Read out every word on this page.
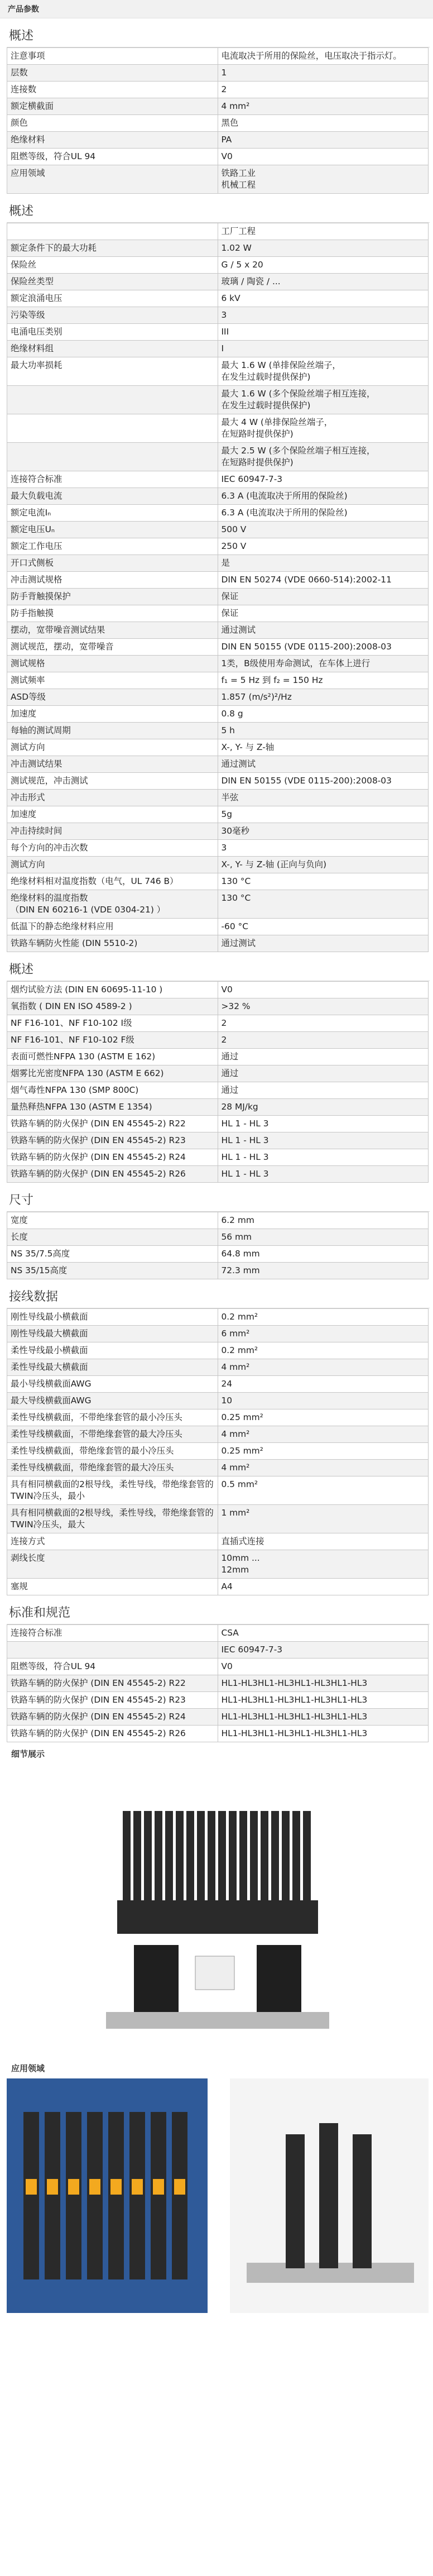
产品参数
概述
注意事项	电流取决于所用的保险丝，电压取决于指示灯。
层数	1
连接数	2
额定横截面	4 mm²
颜色	黑色
绝缘材料	PA
阻燃等级，符合UL 94	V0
应用领域	铁路工业
机械工程
概述
	工厂工程
额定条件下的最大功耗	1.02 W
保险丝	G / 5 x 20
保险丝类型	玻璃 / 陶瓷 / ...
额定浪涌电压	6 kV
污染等级	3
电涌电压类别	III
绝缘材料组	I
最大功率损耗	最大 1.6 W (单排保险丝端子，
在发生过载时提供保护)
	最大 1.6 W (多个保险丝端子相互连接，
在发生过载时提供保护)
	最大 4 W (单排保险丝端子，
在短路时提供保护)
	最大 2.5 W (多个保险丝端子相互连接，
在短路时提供保护)
连接符合标准	IEC 60947-7-3
最大负载电流	6.3 A (电流取决于所用的保险丝)
额定电流Iₙ	6.3 A (电流取决于所用的保险丝)
额定电压Uₙ	500 V
额定工作电压	250 V
开口式侧板	是
冲击测试规格	DIN EN 50274 (VDE 0660-514):2002-11
防手背触摸保护	保证
防手指触摸	保证
摆动，宽带噪音测试结果	通过测试
测试规范，摆动，宽带噪音	DIN EN 50155 (VDE 0115-200):2008-03
测试规格	1类，B级使用寿命测试，在车体上进行
测试频率	f₁ = 5 Hz 到 f₂ = 150 Hz
ASD等级	1.857 (m/s²)²/Hz
加速度	0.8 g
每轴的测试周期	5 h
测试方向	X-, Y- 与 Z-轴
冲击测试结果	通过测试
测试规范，冲击测试	DIN EN 50155 (VDE 0115-200):2008-03
冲击形式	半弦
加速度	5g
冲击持续时间	30毫秒
每个方向的冲击次数	3
测试方向	X-, Y- 与 Z-轴 (正向与负向)
绝缘材料相对温度指数（电气，UL 746 B）	130 °C
绝缘材料的温度指数
（DIN EN 60216-1 (VDE 0304-21) ）	130 °C
低温下的静态绝缘材料应用	-60 °C
铁路车辆防火性能 (DIN 5510-2)	通过测试
概述
烟灼试验方法 (DIN EN 60695-11-10 )	V0
氧指数 ( DIN EN ISO 4589-2 )	>32 %
NF F16-101、NF F10-102 I级	2
NF F16-101、NF F10-102 F级	2
表面可燃性NFPA 130 (ASTM E 162)	通过
烟雾比光密度NFPA 130 (ASTM E 662)	通过
烟气毒性NFPA 130 (SMP 800C)	通过
量热释热NFPA 130 (ASTM E 1354)	28 MJ/kg
铁路车辆的防火保护 (DIN EN 45545-2) R22	HL 1 - HL 3
铁路车辆的防火保护 (DIN EN 45545-2) R23	HL 1 - HL 3
铁路车辆的防火保护 (DIN EN 45545-2) R24	HL 1 - HL 3
铁路车辆的防火保护 (DIN EN 45545-2) R26	HL 1 - HL 3
尺寸
宽度	6.2 mm
长度	56 mm
NS 35/7.5高度	64.8 mm
NS 35/15高度	72.3 mm
接线数据
刚性导线最小横截面	0.2 mm²
刚性导线最大横截面	6 mm²
柔性导线最小横截面	0.2 mm²
柔性导线最大横截面	4 mm²
最小导线横截面AWG	24
最大导线横截面AWG	10
柔性导线横截面，不带绝缘套管的最小冷压头	0.25 mm²
柔性导线横截面，不带绝缘套管的最大冷压头	4 mm²
柔性导线横截面，带绝缘套管的最小冷压头	0.25 mm²
柔性导线横截面，带绝缘套管的最大冷压头	4 mm²
具有相同横截面的2根导线，柔性导线，带绝缘套管的TWIN冷压头，最小	0.5 mm²
具有相同横截面的2根导线，柔性导线，带绝缘套管的TWIN冷压头，最大	1 mm²
连接方式	直插式连接
剥线长度	10mm ...
12mm
塞规	A4
标准和规范
连接符合标准	CSA
	IEC 60947-7-3
阻燃等级，符合UL 94	V0
铁路车辆的防火保护 (DIN EN 45545-2) R22	HL1-HL3HL1-HL3HL1-HL3HL1-HL3
铁路车辆的防火保护 (DIN EN 45545-2) R23	HL1-HL3HL1-HL3HL1-HL3HL1-HL3
铁路车辆的防火保护 (DIN EN 45545-2) R24	HL1-HL3HL1-HL3HL1-HL3HL1-HL3
铁路车辆的防火保护 (DIN EN 45545-2) R26	HL1-HL3HL1-HL3HL1-HL3HL1-HL3
细节展示
应用领域
